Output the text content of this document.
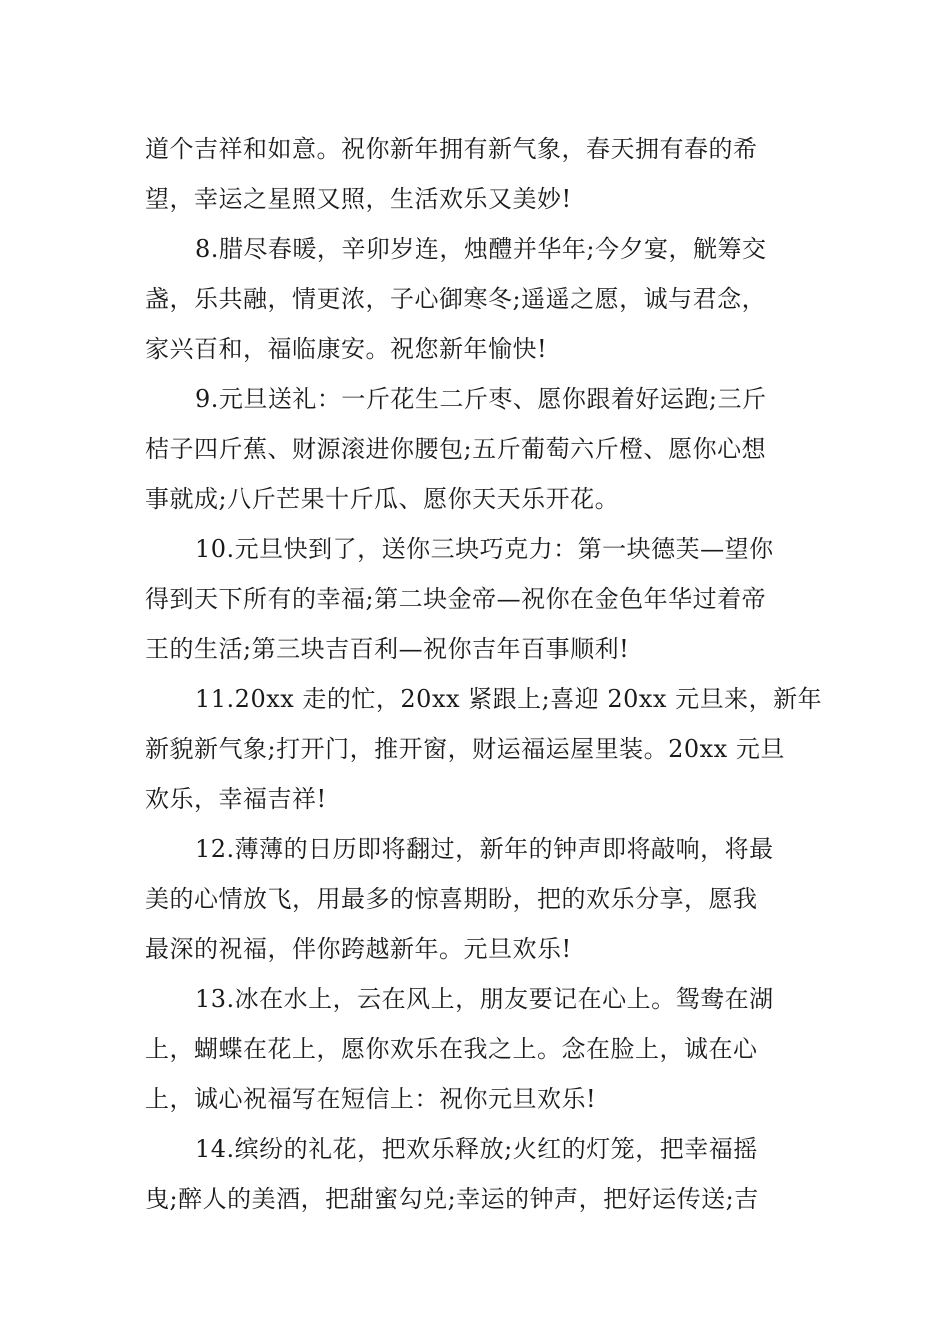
道个吉祥和如意。祝你新年拥有新气象，春天拥有春的希
望，幸运之星照又照，生活欢乐又美妙!
8.腊尽春暖，辛卯岁连，烛醴并华年;今夕宴，觥筹交
盏，乐共融，情更浓，子心御寒冬;遥遥之愿，诚与君念，
家兴百和，福临康安。祝您新年愉快!
9.元旦送礼：一斤花生二斤枣、愿你跟着好运跑;三斤
桔子四斤蕉、财源滚进你腰包;五斤葡萄六斤橙、愿你心想
事就成;八斤芒果十斤瓜、愿你天天乐开花。
10.元旦快到了，送你三块巧克力：第一块德芙—望你
得到天下所有的幸福;第二块金帝—祝你在金色年华过着帝
王的生活;第三块吉百利—祝你吉年百事顺利!
11.20xx 走的忙，20xx 紧跟上;喜迎 20xx 元旦来，新年
新貌新气象;打开门，推开窗，财运福运屋里装。20xx 元旦
欢乐，幸福吉祥!
12.薄薄的日历即将翻过，新年的钟声即将敲响，将最
美的心情放飞，用最多的惊喜期盼，把的欢乐分享，愿我
最深的祝福，伴你跨越新年。元旦欢乐!
13.冰在水上，云在风上，朋友要记在心上。鸳鸯在湖
上，蝴蝶在花上，愿你欢乐在我之上。念在脸上，诚在心
上，诚心祝福写在短信上：祝你元旦欢乐!
14.缤纷的礼花，把欢乐释放;火红的灯笼，把幸福摇
曳;醉人的美酒，把甜蜜勾兑;幸运的钟声，把好运传送;吉
